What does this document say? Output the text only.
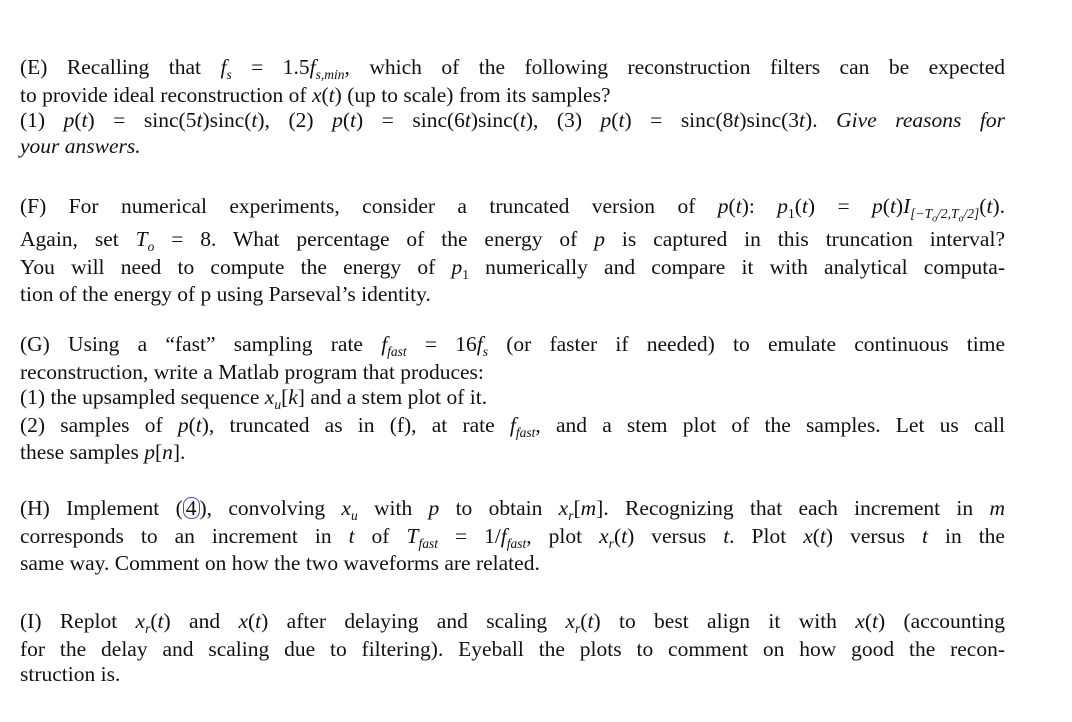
(E) Recalling that $f_s = 1.5f_{s,min}$, which of the following reconstruction filters can be expected
to provide ideal reconstruction of x(t) (up to scale) from its samples?
(1) p(t) = sinc(5t)sinc(t), (2) p(t) = sinc(6t)sinc(t), (3) p(t) = sinc(8t)sinc(3t). Give reasons for
your answers.
(F) For numerical experiments, consider a truncated version of p(t): $p_1(t) = p(t)I_{[-T_o/2,T_o/2]}(t)$.
Again, set $T_o = 8$. What percentage of the energy of p is captured in this truncation interval?
You will need to compute the energy of $p_1$ numerically and compare it with analytical computa-
tion of the energy of p using Parseval’s identity.
(G) Using a “fast” sampling rate $f_{fast} = 16f_s$ (or faster if needed) to emulate continuous time
reconstruction, write a Matlab program that produces:
(1) the upsampled sequence $x_u[k]$ and a stem plot of it.
(2) samples of p(t), truncated as in (f), at rate $f_{fast}$, and a stem plot of the samples. Let us call
these samples p[n].
(H) Implement ( 4 ), convolving $x_u$ with p to obtain $x_r[m]$. Recognizing that each increment in m
corresponds to an increment in t of $T_{fast} = 1/f_{fast}$, plot $x_r(t)$ versus t. Plot x(t) versus t in the
same way. Comment on how the two waveforms are related.
(I) Replot $x_r(t)$ and x(t) after delaying and scaling $x_r(t)$ to best align it with x(t) (accounting
for the delay and scaling due to filtering). Eyeball the plots to comment on how good the recon-
struction is.
